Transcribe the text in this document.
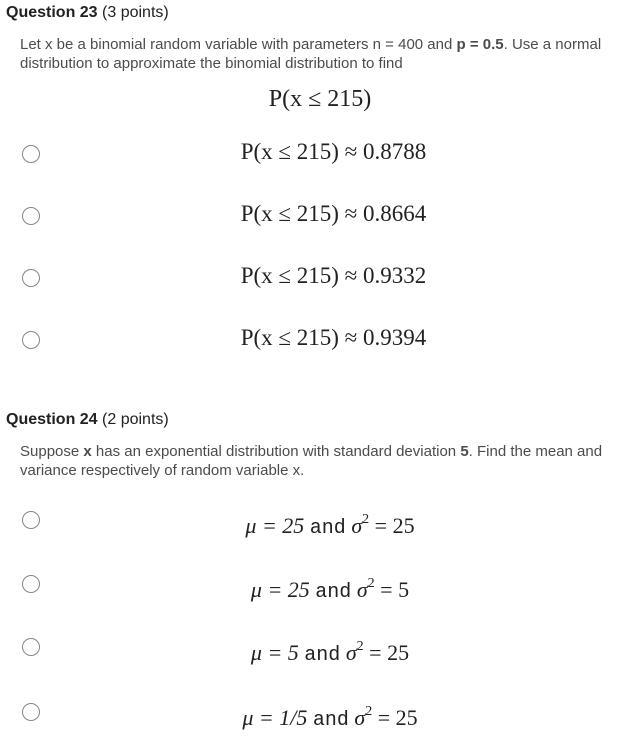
Question 23 (3 points)
Let x be a binomial random variable with parameters n = 400 and p = 0.5. Use a normal distribution to approximate the binomial distribution to find
P(x ≤ 215)
P(x ≤ 215) ≈ 0.8788
P(x ≤ 215) ≈ 0.8664
P(x ≤ 215) ≈ 0.9332
P(x ≤ 215) ≈ 0.9394
Question 24 (2 points)
Suppose x has an exponential distribution with standard deviation 5. Find the mean and variance respectively of random variable x.
μ = 25 and $\sigma^2 = 25$
μ = 25 and $\sigma^2 = 5$
μ = 5 and $\sigma^2 = 25$
μ = 1/5 and $\sigma^2 = 25$
